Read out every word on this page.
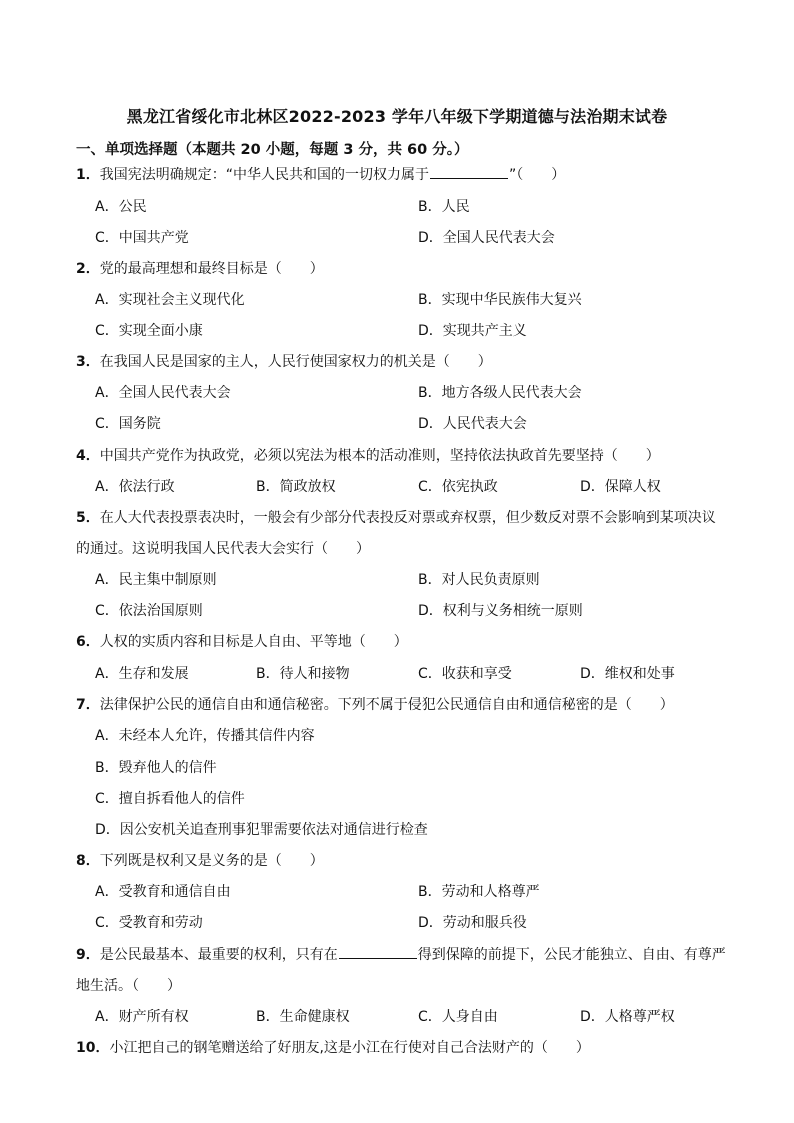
黑龙江省绥化市北林区2022-2023 学年八年级下学期道德与法治期末试卷
一、单项选择题（本题共 20 小题，每题 3 分，共 60 分。）
1．我国宪法明确规定：“中华人民共和国的一切权力属于	”（　　）
A．公民	B．人民
C．中国共产党	D．全国人民代表大会
2．党的最高理想和最终目标是（　　）
A．实现社会主义现代化	B．实现中华民族伟大复兴
C．实现全面小康	D．实现共产主义
3．在我国人民是国家的主人，人民行使国家权力的机关是（　　）
A．全国人民代表大会	B．地方各级人民代表大会
C．国务院	D．人民代表大会
4．中国共产党作为执政党，必须以宪法为根本的活动准则，坚持依法执政首先要坚持（　　）
A．依法行政	B．简政放权	C．依宪执政	D．保障人权
5．在人大代表投票表决时，一般会有少部分代表投反对票或弃权票，但少数反对票不会影响到某项决议
的通过。这说明我国人民代表大会实行（　　）
A．民主集中制原则	B．对人民负责原则
C．依法治国原则	D．权利与义务相统一原则
6．人权的实质内容和目标是人自由、平等地（　　）
A．生存和发展	B．待人和接物	C．收获和享受	D．维权和处事
7．法律保护公民的通信自由和通信秘密。下列不属于侵犯公民通信自由和通信秘密的是（　　）
A．未经本人允许，传播其信件内容
B．毁弃他人的信件
C．擅自拆看他人的信件
D．因公安机关追查刑事犯罪需要依法对通信进行检查
8．下列既是权利又是义务的是（　　）
A．受教育和通信自由	B．劳动和人格尊严
C．受教育和劳动	D．劳动和服兵役
9．是公民最基本、最重要的权利，只有在	得到保障的前提下，公民才能独立、自由、有尊严
地生活。（　　）
A．财产所有权	B．生命健康权	C．人身自由	D．人格尊严权
10．小江把自己的钢笔赠送给了好朋友,这是小江在行使对自己合法财产的（　　）
